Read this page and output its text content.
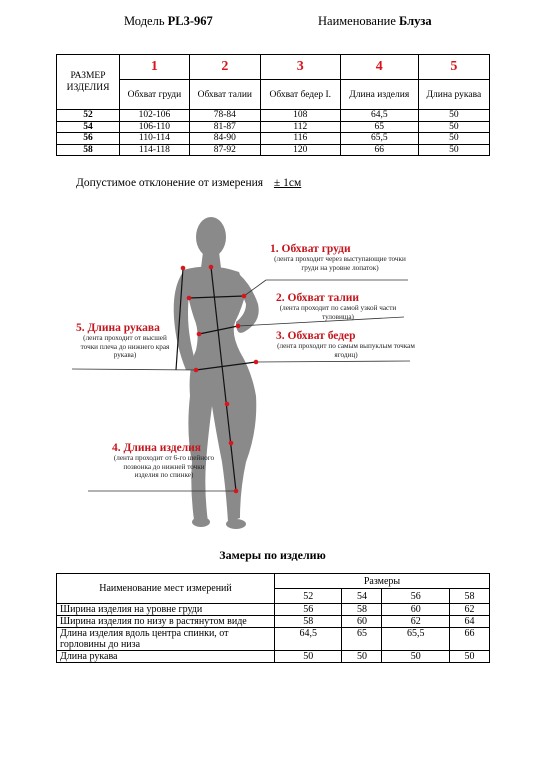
Модель PL3-967	Наименование Блуза
РАЗМЕР ИЗДЕЛИЯ	1	2	3	4	5
	Обхват груди	Обхват талии	Обхват бедер I.	Длина изделия	Длина рукава
52	102-106	78-84	108	64,5	50
54	106-110	81-87	112	65	50
56	110-114	84-90	116	65,5	50
58	114-118	87-92	120	66	50
Допустимое отклонение от измерения ± 1см
1. Обхват груди
(лента проходит через выступающие точки груди на уровне лопаток)
2. Обхват талии
(лента проходит по самой узкой части туловища)
3. Обхват бедер
(лента проходит по самым выпуклым точкам ягодиц)
4. Длина изделия
(лента проходит от 6-го шейного позвонка до нижней точки изделия по спинке)
5. Длина рукава
(лента проходит от высшей точки плеча до нижнего края рукава)
Замеры по изделию
Наименование мест измерений	Размеры			
	52	54	56	58
Ширина изделия на уровне груди	56	58	60	62
Ширина изделия по низу в растянутом виде	58	60	62	64
Длина изделия вдоль центра спинки, от горловины до низа	64,5	65	65,5	66
Длина рукава	50	50	50	50
